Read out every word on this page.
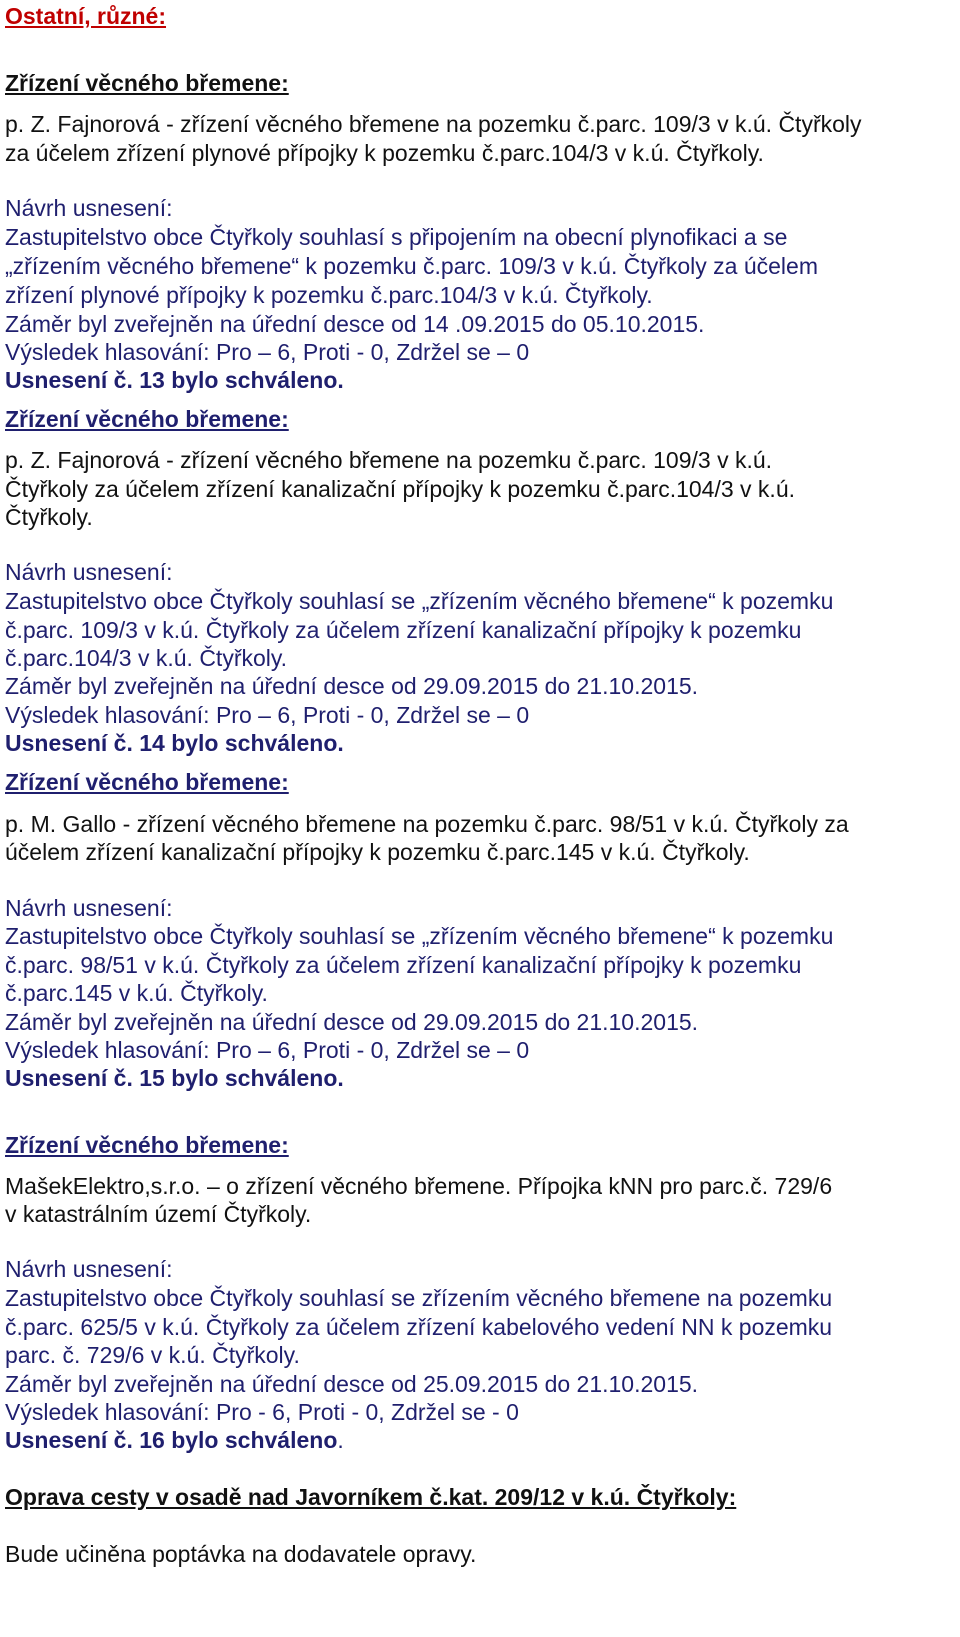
Ostatní, různé:
Zřízení věcného břemene:
p. Z. Fajnorová - zřízení věcného břemene na pozemku č.parc. 109/3 v k.ú. Čtyřkoly
za účelem zřízení plynové přípojky k pozemku č.parc.104/3 v k.ú. Čtyřkoly.
Návrh usnesení:
Zastupitelstvo obce Čtyřkoly souhlasí s připojením na obecní plynofikaci a se
„zřízením věcného břemene“ k pozemku č.parc. 109/3 v k.ú. Čtyřkoly za účelem
zřízení plynové přípojky k pozemku č.parc.104/3 v k.ú. Čtyřkoly.
Záměr byl zveřejněn na úřední desce od 14 .09.2015 do 05.10.2015.
Výsledek hlasování: Pro – 6, Proti - 0, Zdržel se – 0
Usnesení č. 13 bylo schváleno.
Zřízení věcného břemene:
p. Z. Fajnorová - zřízení věcného břemene na pozemku č.parc. 109/3 v k.ú.
Čtyřkoly za účelem zřízení kanalizační přípojky k pozemku č.parc.104/3 v k.ú.
Čtyřkoly.
Návrh usnesení:
Zastupitelstvo obce Čtyřkoly souhlasí se „zřízením věcného břemene“ k pozemku
č.parc. 109/3 v k.ú. Čtyřkoly za účelem zřízení kanalizační přípojky k pozemku
č.parc.104/3 v k.ú. Čtyřkoly.
Záměr byl zveřejněn na úřední desce od 29.09.2015 do 21.10.2015.
Výsledek hlasování: Pro – 6, Proti - 0, Zdržel se – 0
Usnesení č. 14 bylo schváleno.
Zřízení věcného břemene:
p. M. Gallo - zřízení věcného břemene na pozemku č.parc. 98/51 v k.ú. Čtyřkoly za
účelem zřízení kanalizační přípojky k pozemku č.parc.145 v k.ú. Čtyřkoly.
Návrh usnesení:
Zastupitelstvo obce Čtyřkoly souhlasí se „zřízením věcného břemene“ k pozemku
č.parc. 98/51 v k.ú. Čtyřkoly za účelem zřízení kanalizační přípojky k pozemku
č.parc.145 v k.ú. Čtyřkoly.
Záměr byl zveřejněn na úřední desce od 29.09.2015 do 21.10.2015.
Výsledek hlasování: Pro – 6, Proti - 0, Zdržel se – 0
Usnesení č. 15 bylo schváleno.
Zřízení věcného břemene:
MašekElektro,s.r.o. – o zřízení věcného břemene. Přípojka kNN pro parc.č. 729/6
v katastrálním území Čtyřkoly.
Návrh usnesení:
Zastupitelstvo obce Čtyřkoly souhlasí se zřízením věcného břemene na pozemku
č.parc. 625/5 v k.ú. Čtyřkoly za účelem zřízení kabelového vedení NN k pozemku
parc. č. 729/6 v k.ú. Čtyřkoly.
Záměr byl zveřejněn na úřední desce od 25.09.2015 do 21.10.2015.
Výsledek hlasování: Pro - 6, Proti - 0, Zdržel se - 0
Usnesení č. 16 bylo schváleno.
Oprava cesty v osadě nad Javorníkem č.kat. 209/12 v k.ú. Čtyřkoly:
Bude učiněna poptávka na dodavatele opravy.
